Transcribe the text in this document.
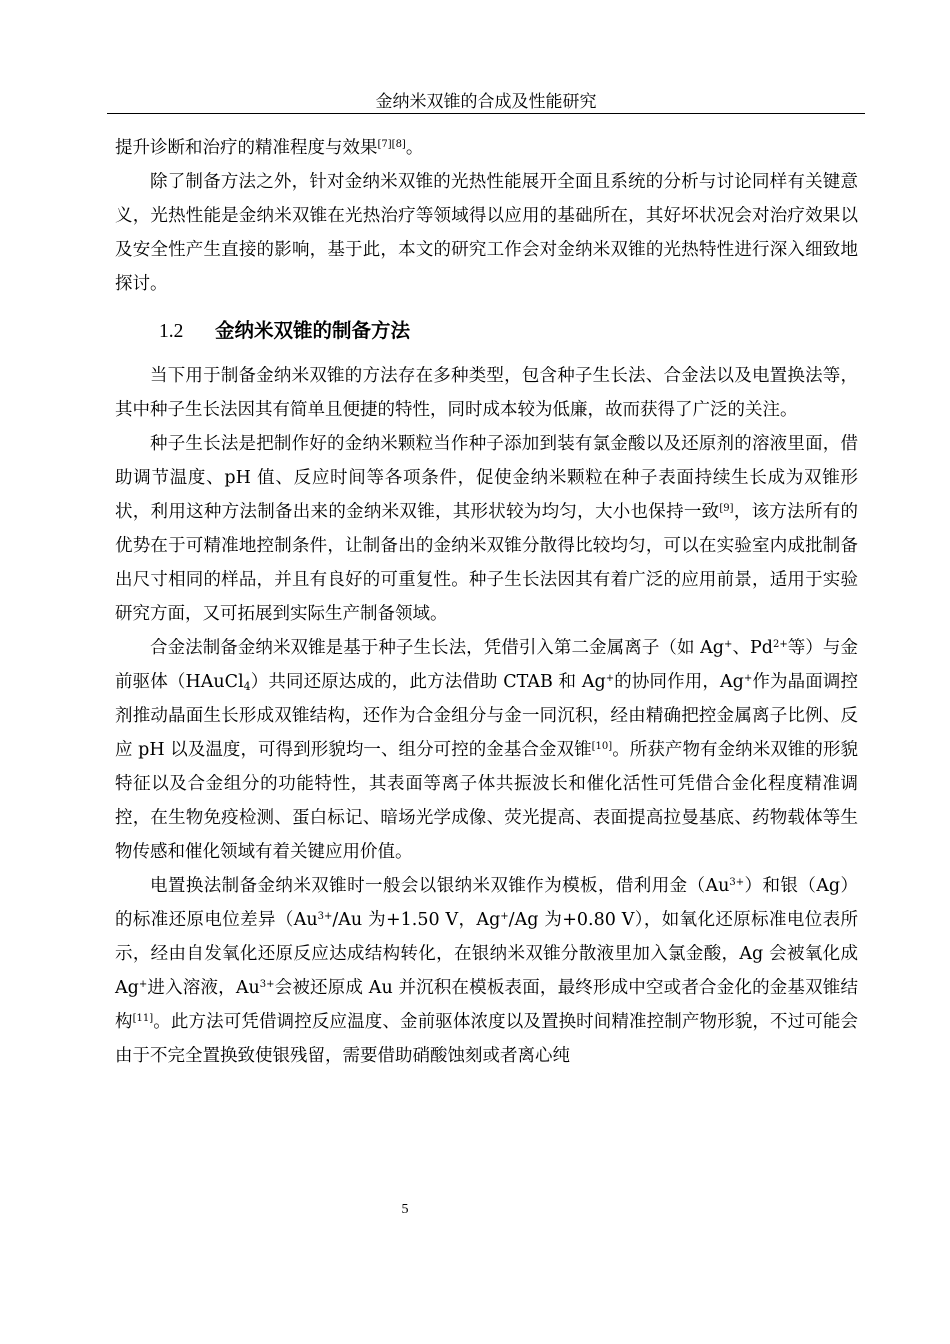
金纳米双锥的合成及性能研究

提升诊断和治疗的精准程度与效果[7][8]。

除了制备方法之外，针对金纳米双锥的光热性能展开全面且系统的分析与讨论同样有关键意义，光热性能是金纳米双锥在光热治疗等领域得以应用的基础所在，其好坏状况会对治疗效果以及安全性产生直接的影响，基于此，本文的研究工作会对金纳米双锥的光热特性进行深入细致地探讨。

1.2 金纳米双锥的制备方法

当下用于制备金纳米双锥的方法存在多种类型，包含种子生长法、合金法以及电置换法等，其中种子生长法因其有简单且便捷的特性，同时成本较为低廉，故而获得了广泛的关注。

种子生长法是把制作好的金纳米颗粒当作种子添加到装有氯金酸以及还原剂的溶液里面，借助调节温度、pH 值、反应时间等各项条件，促使金纳米颗粒在种子表面持续生长成为双锥形状，利用这种方法制备出来的金纳米双锥，其形状较为均匀，大小也保持一致[9]，该方法所有的优势在于可精准地控制条件，让制备出的金纳米双锥分散得比较均匀，可以在实验室内成批制备出尺寸相同的样品，并且有良好的可重复性。种子生长法因其有着广泛的应用前景，适用于实验研究方面，又可拓展到实际生产制备领域。

合金法制备金纳米双锥是基于种子生长法，凭借引入第二金属离子（如 Ag+、$Pd^{2+}$等）与金前驱体（HAuCl$_4$）共同还原达成的，此方法借助 CTAB 和 Ag+的协同作用，Ag+作为晶面调控剂推动晶面生长形成双锥结构，还作为合金组分与金一同沉积，经由精确把控金属离子比例、反应 pH 以及温度，可得到形貌均一、组分可控的金基合金双锥[10]。所获产物有金纳米双锥的形貌特征以及合金组分的功能特性，其表面等离子体共振波长和催化活性可凭借合金化程度精准调控，在生物免疫检测、蛋白标记、暗场光学成像、荧光提高、表面提高拉曼基底、药物载体等生物传感和催化领域有着关键应用价值。

电置换法制备金纳米双锥时一般会以银纳米双锥作为模板，借利用金$(Au^{3+})$和银（Ag）的标准还原电位差异（$Au^{3+}/Au$ 为+1.50 V，Ag+/Ag 为+0.80 V），如氧化还原标准电位表所示，经由自发氧化还原反应达成结构转化，在银纳米双锥分散液里加入氯金酸，Ag 会被氧化成 Ag+进入溶液，$Au^{3+}$会被还原成 Au 并沉积在模板表面，最终形成中空或者合金化的金基双锥结构[11]。此方法可凭借调控反应温度、金前驱体浓度以及置换时间精准控制产物形貌，不过可能会由于不完全置换致使银残留，需要借助硝酸蚀刻或者离心纯

5
